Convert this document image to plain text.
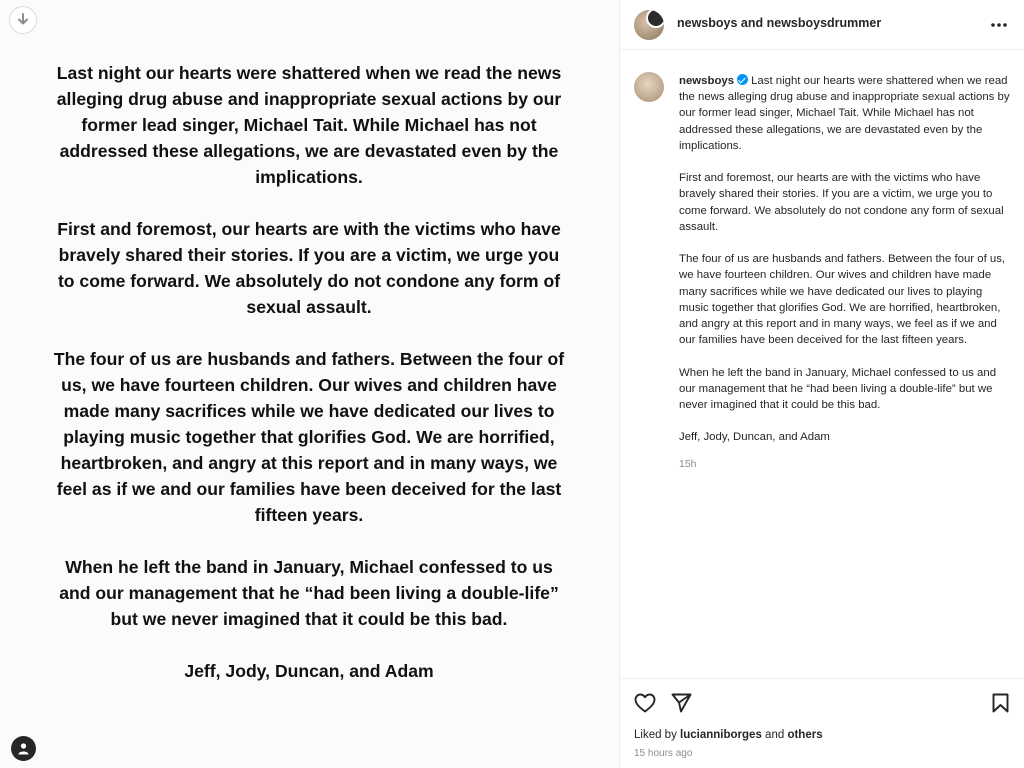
Last night our hearts were shattered when we read the news alleging drug abuse and inappropriate sexual actions by our former lead singer, Michael Tait. While Michael has not addressed these allegations, we are devastated even by the implications.

First and foremost, our hearts are with the victims who have bravely shared their stories. If you are a victim, we urge you to come forward. We absolutely do not condone any form of sexual assault.

The four of us are husbands and fathers. Between the four of us, we have fourteen children. Our wives and children have made many sacrifices while we have dedicated our lives to playing music together that glorifies God. We are horrified, heartbroken, and angry at this report and in many ways, we feel as if we and our families have been deceived for the last fifteen years.

When he left the band in January, Michael confessed to us and our management that he “had been living a double-life” but we never imagined that it could be this bad.

Jeff, Jody, Duncan, and Adam

newsboys and newsboysdrummer

newsboys Last night our hearts were shattered when we read the news alleging drug abuse and inappropriate sexual actions by our former lead singer, Michael Tait. While Michael has not addressed these allegations, we are devastated even by the implications.

First and foremost, our hearts are with the victims who have bravely shared their stories. If you are a victim, we urge you to come forward. We absolutely do not condone any form of sexual assault.

The four of us are husbands and fathers. Between the four of us, we have fourteen children. Our wives and children have made many sacrifices while we have dedicated our lives to playing music together that glorifies God. We are horrified, heartbroken, and angry at this report and in many ways, we feel as if we and our families have been deceived for the last fifteen years.

When he left the band in January, Michael confessed to us and our management that he “had been living a double-life” but we never imagined that it could be this bad.

Jeff, Jody, Duncan, and Adam

15h
Liked by lucianniborges and others
15 hours ago
